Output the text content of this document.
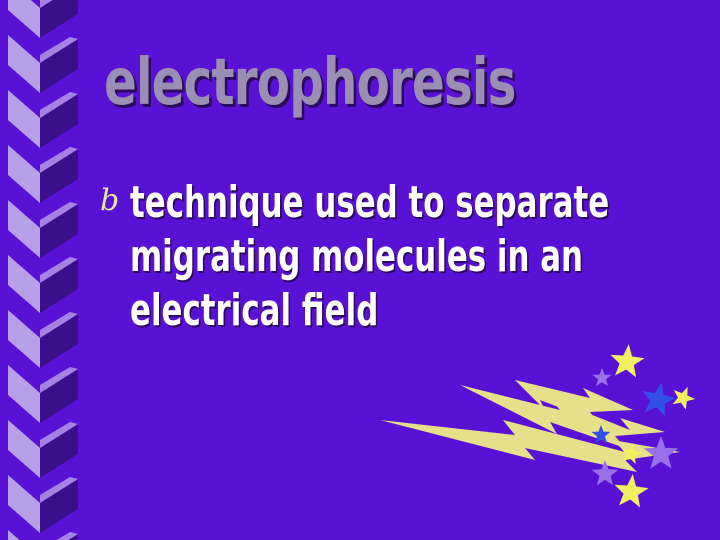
electrophoresis
b technique used to separate
migrating molecules in an
electrical field
